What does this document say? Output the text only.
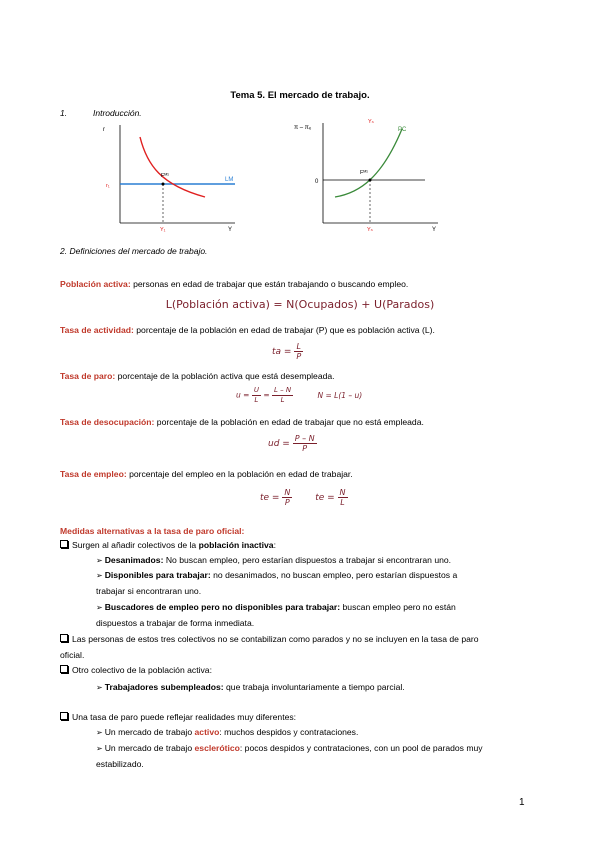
Tema 5. El mercado de trabajo.
1.	Introducción.
r
Y
LM
Fᴹ¹
r₁
Y₁
π – πₑ
Y
Yₙ
0
PC
Fᴹ¹
Yₙ
2. Definiciones del mercado de trabajo.
Población activa: personas en edad de trabajar que están trabajando o buscando empleo.
L(Población activa) = N(Ocupados) + U(Parados)
Tasa de actividad: porcentaje de la población en edad de trabajar (P) que es población activa (L).
ta = $\frac{L}{P}$
Tasa de paro: porcentaje de la población activa que está desempleada.
$u = \frac{U}{L} = \frac{L - N}{L}$	N = L(1 – u)
Tasa de desocupación: porcentaje de la población en edad de trabajar que no está empleada.
ud = $\frac{P - N}{P}$
Tasa de empleo: porcentaje del empleo en la población en edad de trabajar.
te = $\frac{N}{P}$	te = $\frac{N}{L}$
Medidas alternativas a la tasa de paro oficial:
Surgen al añadir colectivos de la población inactiva:
➢ Desanimados: No buscan empleo, pero estarían dispuestos a trabajar si encontraran uno.
➢ Disponibles para trabajar: no desanimados, no buscan empleo, pero estarían dispuestos a
trabajar si encontraran uno.
➢ Buscadores de empleo pero no disponibles para trabajar: buscan empleo pero no están
dispuestos a trabajar de forma inmediata.
Las personas de estos tres colectivos no se contabilizan como parados y no se incluyen en la tasa de paro
oficial.
Otro colectivo de la población activa:
➢ Trabajadores subempleados: que trabaja involuntariamente a tiempo parcial.
Una tasa de paro puede reflejar realidades muy diferentes:
➢ Un mercado de trabajo activo: muchos despidos y contrataciones.
➢ Un mercado de trabajo esclerótico: pocos despidos y contrataciones, con un pool de parados muy
estabilizado.
1
